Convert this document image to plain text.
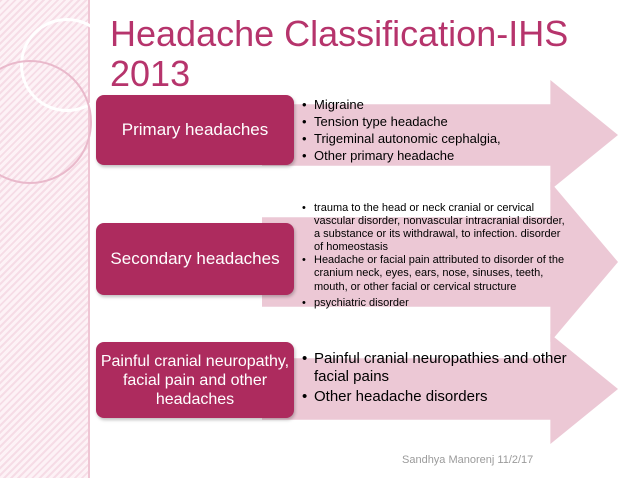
Headache Classification-IHS 2013
Primary headaches
• Migraine
• Tension type headache
• Trigeminal autonomic cephalgia,
• Other primary headache
Secondary headaches
• trauma to the head or neck cranial or cervical vascular disorder, nonvascular intracranial disorder, a substance or its withdrawal, to infection. disorder of homeostasis
• Headache or facial pain attributed to disorder of the cranium neck, eyes, ears, nose, sinuses, teeth, mouth, or other facial or cervical structure
• psychiatric disorder
Painful cranial neuropathy, facial pain and other headaches
• Painful cranial neuropathies and other facial pains
• Other headache disorders
Sandhya Manorenj 11/2/17
